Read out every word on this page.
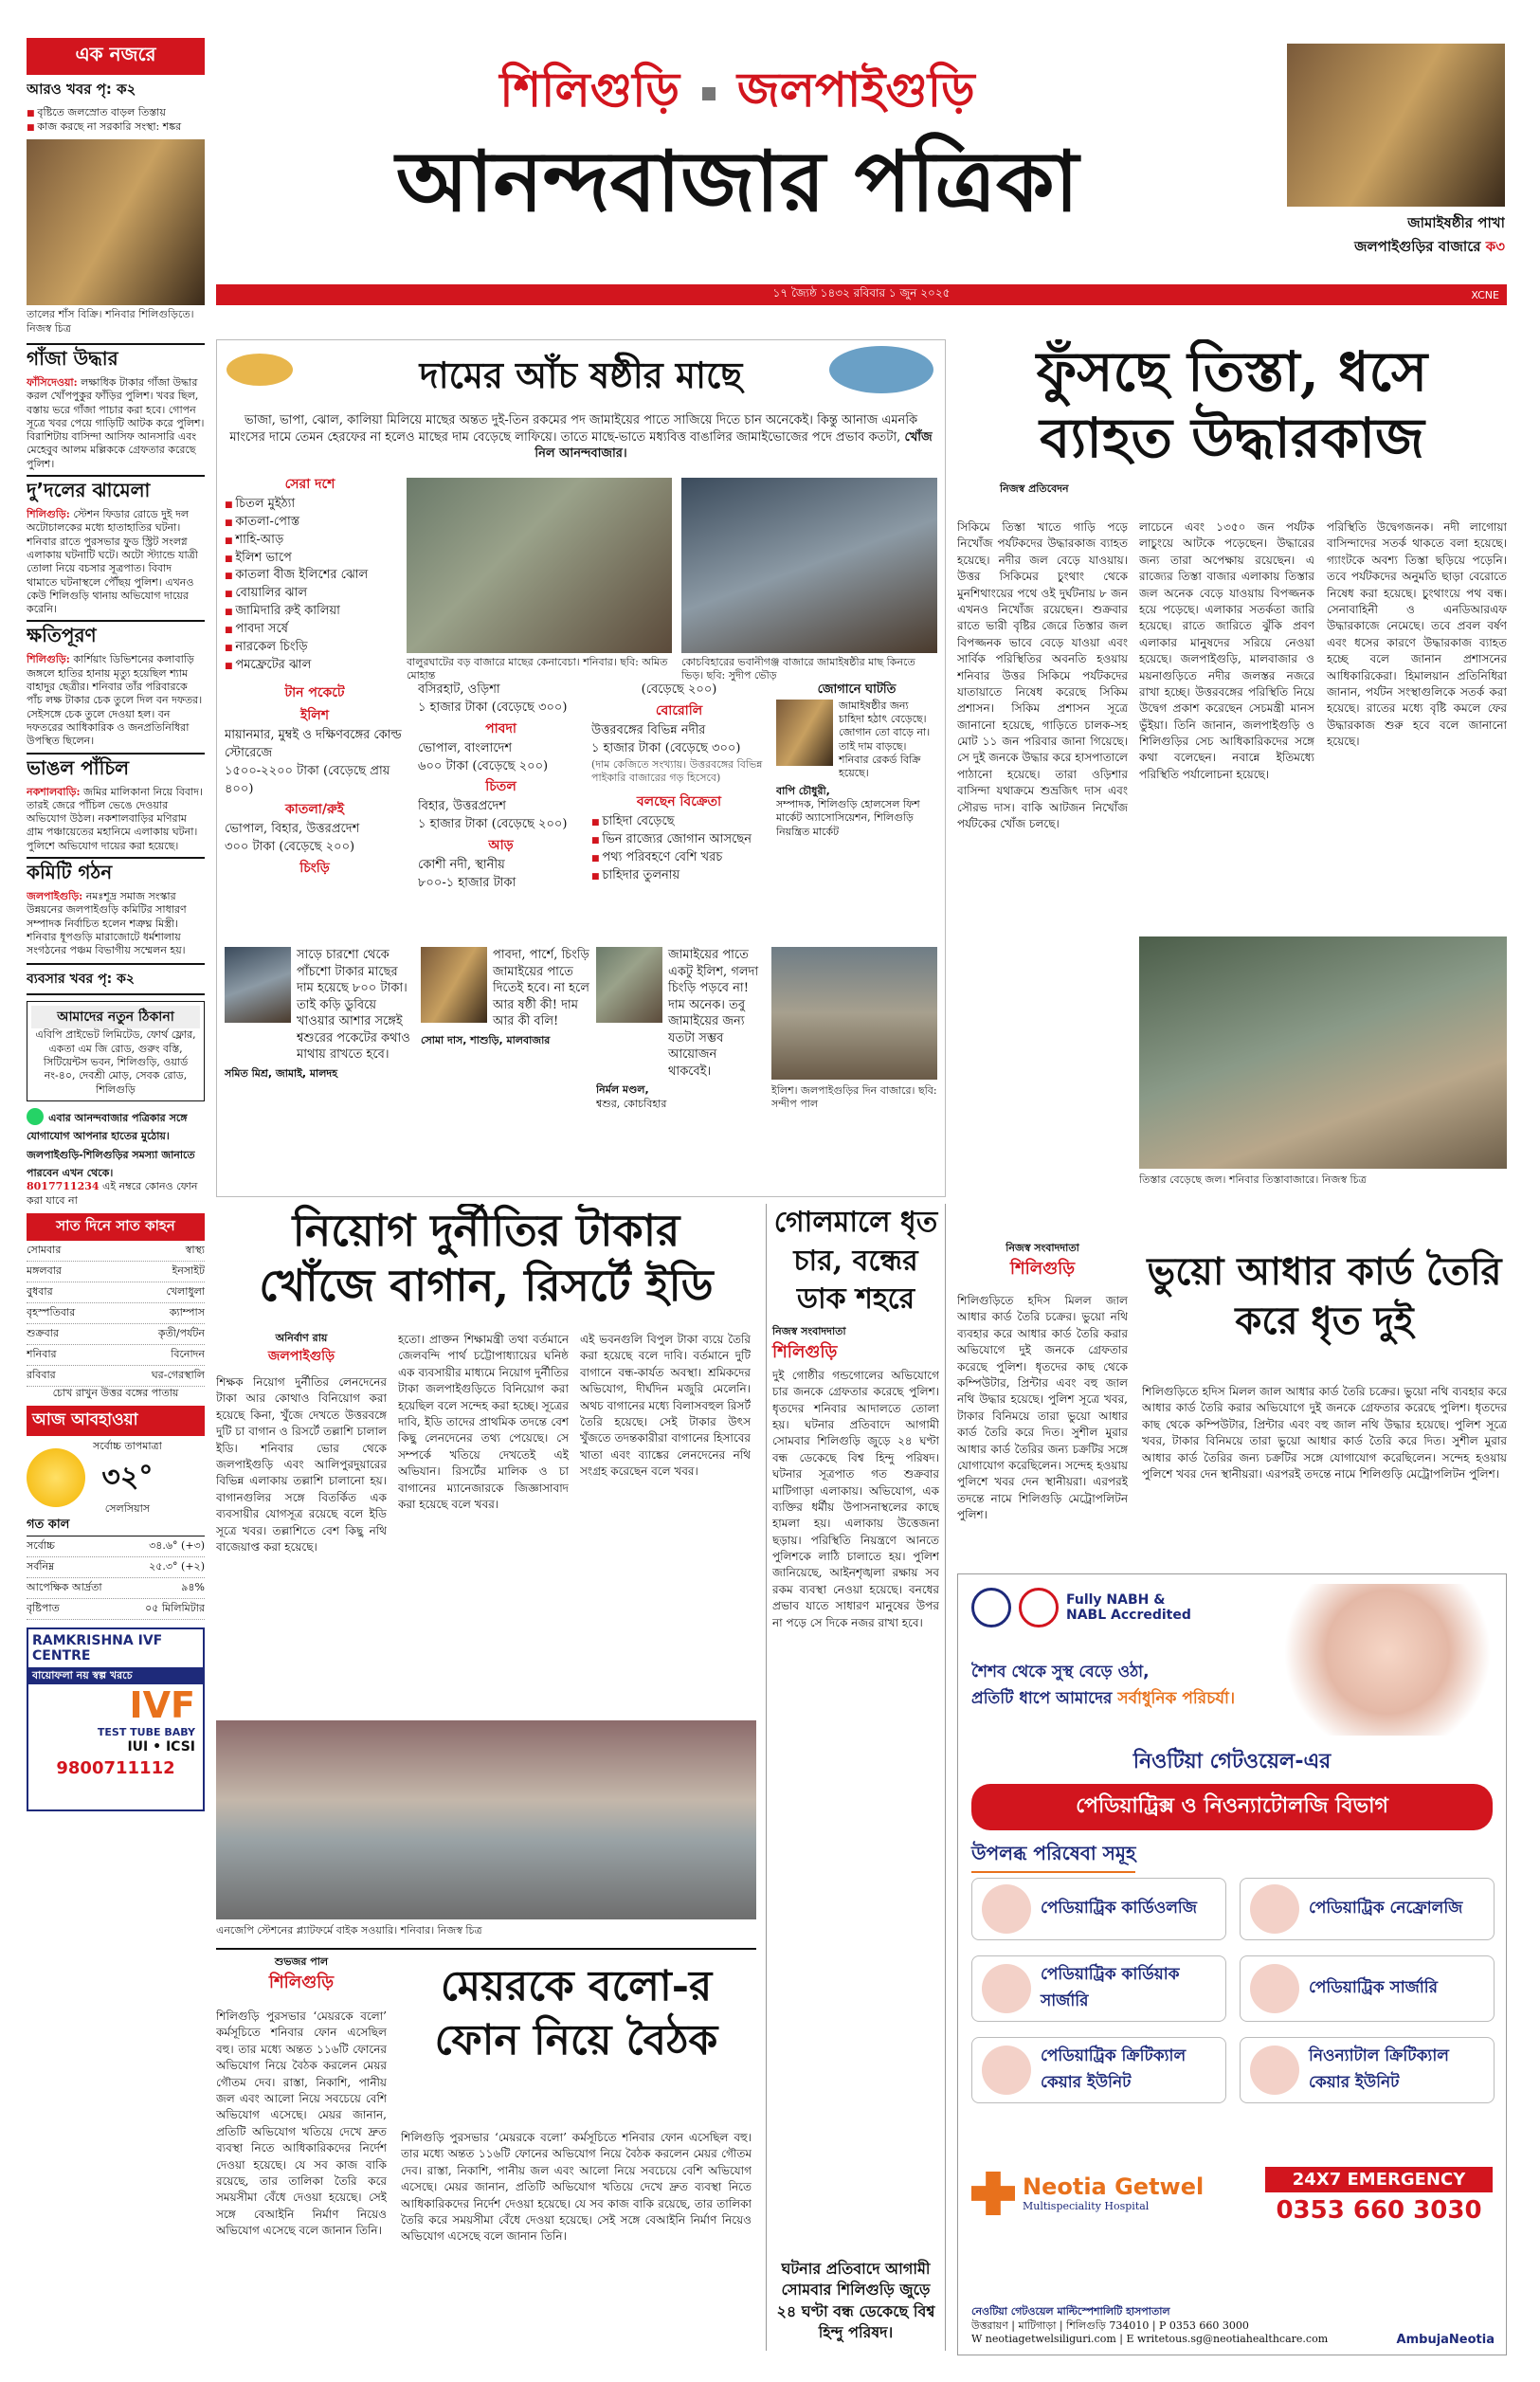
এক নজরে
আরও খবর পৃ: ক২
■ বৃষ্টিতে জলস্রোত বাড়ল তিস্তায়
■ কাজ করছে না সরকারি সংস্থা: শঙ্কর
তালের শাঁস বিক্রি। শনিবার শিলিগুড়িতে। নিজস্ব চিত্র

গাঁজা উদ্ধার

ফাঁসিদেওয়া: লক্ষাধিক টাকার গাঁজা উদ্ধার করল খোঁপপুকুর ফাঁড়ির পুলিশ। খবর ছিল, বস্তায় ভরে গাঁজা পাচার করা হবে। গোপন সূত্রে খবর পেয়ে গাড়িটি আটক করে পুলিশ। বিরাশিটায় বাসিন্দা আসিফ আনসারি এবং মেহেবুব আলম মল্লিককে গ্রেফতার করেছে পুলিশ।

দু’দলের ঝামেলা

শিলিগুড়ি: স্টেশন ফিডার রোডে দুই দল অটোচালকের মধ্যে হাতাহাতির ঘটনা। শনিবার রাতে পুরসভার ফুড স্ট্রিট সংলগ্ন এলাকায় ঘটনাটি ঘটে। অটো স্ট্যান্ডে যাত্রী তোলা নিয়ে বচসার সূত্রপাত। বিবাদ থামাতে ঘটনাস্থলে পৌঁছয় পুলিশ। এখনও কেউ শিলিগুড়ি থানায় অভিযোগ দায়ের করেনি।

ক্ষতিপূরণ

শিলিগুড়ি: কার্শিয়াং ডিভিশনের কলাবাড়ি জঙ্গলে হাতির হানায় মৃত্যু হয়েছিল শ্যাম বাহাদুর ছেত্রীর। শনিবার তাঁর পরিবারকে পাঁচ লক্ষ টাকার চেক তুলে দিল বন দফতর। সেইসঙ্গে চেক তুলে দেওয়া হল। বন দফতরের আধিকারিক ও জনপ্রতিনিধিরা উপস্থিত ছিলেন।

ভাঙল পাঁচিল

নকশালবাড়ি: জমির মালিকানা নিয়ে বিবাদ। তারই জেরে পাঁচিল ভেঙে দেওয়ার অভিযোগ উঠল। নকশালবাড়ির মণিরাম গ্রাম পঞ্চায়েতের মহানিমে এলাকায় ঘটনা। পুলিশে অভিযোগ দায়ের করা হয়েছে।

কমিটি গঠন

জলপাইগুড়ি: নমঃশূদ্র সমাজ সংস্কার উন্নয়নের জলপাইগুড়ি কমিটির সাধারণ সম্পাদক নির্বাচিত হলেন শত্রুঘ্ন মিস্ত্রী। শনিবার ধূপগুড়ি মারাজোটে ধর্মশালায় সংগঠনের পঞ্চম বিভাগীয় সম্মেলন হয়।
ব্যবসার খবর পৃ: ক২
আমাদের নতুন ঠিকানা
এবিপি প্রাইভেট লিমিটেড, ফোর্থ ফ্লোর, একতা এম জি রোড, গুরুং বস্তি, সিটিয়েন্টস ভবন, শিলিগুড়ি, ওয়ার্ড নং-৪০, দেবশ্রী মোড়, সেবক রোড, শিলিগুড়ি
এবার আনন্দবাজার পত্রিকার সঙ্গে যোগাযোগ আপনার হাতের মুঠোয়। জলপাইগুড়ি-শিলিগুড়ির সমস্যা জানাতে পারবেন এখন থেকে।
8017711234 এই নম্বরে কোনও ফোন করা যাবে না
সাত দিনে সাত কাহন
সোমবার	স্বাস্থ্য
মঙ্গলবার	ইনসাইট
বুধবার	খেলাধুলা
বৃহস্পতিবার	ক্যাম্পাস
শুক্রবার	কৃতী/পর্যটন
শনিবার	বিনোদন
রবিবার	ঘর-গেরস্থালি
চোখ রাখুন উত্তর বঙ্গের পাতায়
আজ আবহাওয়া
সর্বোচ্চ তাপমাত্রা
৩২°
সেলসিয়াস
গত কাল
সর্বোচ্চ	৩৪.৬° (+৩)
সর্বনিম্ন	২৫.৩° (+২)
আপেক্ষিক আর্দ্রতা	৯৪%
বৃষ্টিপাত	০৫ মিলিমিটার
RAMKRISHNA IVF CENTRE
বায়োফলা নয় স্বল্প খরচে
IVF
TEST TUBE BABY
IUI • ICSI
9800711112
শিলিগুড়ি জলপাইগুড়ি
আনন্দবাজার পত্রিকা	জামাইষষ্ঠীর পাখা
জলপাইগুড়ির বাজারে ক৩
১৭ জ্যৈষ্ঠ ১৪৩২ রবিবার ১ জুন ২০২৫	XCNE
দামের আঁচ ষষ্ঠীর মাছে
ভাজা, ভাপা, ঝোল, কালিয়া মিলিয়ে মাছের অন্তত দুই-তিন রকমের পদ জামাইয়ের পাতে সাজিয়ে দিতে চান অনেকেই। কিন্তু আনাজ এমনকি মাংসের দামে তেমন হেরফের না হলেও মাছের দাম বেড়েছে লাফিয়ে। তাতে মাছে-ভাতে মধ্যবিত্ত বাঙালির জামাইভোজের পদে প্রভাব কতটা, খোঁজ নিল আনন্দবাজার।
সেরা দশে
■ চিতল মুইঠ্যা
■ কাতলা-পোস্ত
■ শাহি-আড়
■ ইলিশ ভাপে
■ কাতলা বীজ ইলিশের ঝোল
■ বোয়ালির ঝাল
■ জামিদারি রুই কালিয়া
■ পাবদা সর্ষে
■ নারকেল চিংড়ি
■ পমফ্রেটের ঝাল	বালুরঘাটের বড় বাজারে মাছের কেনাবেচা। শনিবার। ছবি: অমিত মোহান্ত
কোচবিহারের ভবানীগঞ্জ বাজারে জামাইষষ্ঠীর মাছ কিনতে ভিড়। ছবি: সুদীপ ভৌড়
টান পকেটে
ইলিশ
মায়ানমার, মুম্বই ও দক্ষিণবঙ্গের কোল্ড স্টোরেজে
১৫০০-২২০০ টাকা (বেড়েছে প্রায় ৪০০)
কাতলা/রুই
ভোপাল, বিহার, উত্তরপ্রদেশ
৩০০ টাকা (বেড়েছে ২০০)
চিংড়ি
বসিরহাট, ওড়িশা
১ হাজার টাকা (বেড়েছে ৩০০)
পাবদা
ভোপাল, বাংলাদেশ
৬০০ টাকা (বেড়েছে ২০০)
চিতল
বিহার, উত্তরপ্রদেশ
১ হাজার টাকা (বেড়েছে ২০০)
আড়
কোশী নদী, স্থানীয়
৮০০-১ হাজার টাকা
(বেড়েছে ২০০)
বোরোলি
উত্তরবঙ্গের বিভিন্ন নদীর
১ হাজার টাকা (বেড়েছে ৩০০)
(দাম কেজিতে সংখ্যায়। উত্তরবঙ্গের বিভিন্ন পাইকারি বাজারের গড় হিসেবে)
বলছেন বিক্রেতা
■ চাহিদা বেড়েছে
■ ভিন রাজ্যের জোগান আসছেন
■ পথ্য পরিবহণে বেশি খরচ
■ চাহিদার তুলনায়
জোগানে ঘাটতি
জামাইষষ্ঠীর জন্য চাহিদা হঠাৎ বেড়েছে। জোগান তো বাড়ে না। তাই দাম বাড়ছে। শনিবার রেকর্ড বিক্রি হয়েছে।
বাপি চৌধুরী,
সম্পাদক, শিলিগুড়ি হোলসেল ফিশ মার্কেট অ্যাসোসিয়েশন, শিলিগুড়ি নিয়ন্ত্রিত মার্কেট
সাড়ে চারশো থেকে পাঁচশো টাকার মাছের দাম হয়েছে ৮০০ টাকা। তাই কড়ি ডুবিয়ে খাওয়ার আশার সঙ্গেই শ্বশুরের পকেটের কথাও মাথায় রাখতে হবে।
সমিত মিশ্র, জামাই, মালদহ
পাবদা, পার্শে, চিংড়ি জামাইয়ের পাতে দিতেই হবে। না হলে আর ষষ্ঠী কী! দাম আর কী বলি!
সোমা দাস, শাশুড়ি, মালবাজার
জামাইয়ের পাতে একটু ইলিশ, গলদা চিংড়ি পড়বে না! দাম অনেক। তবু জামাইয়ের জন্য যতটা সম্ভব আয়োজন থাকবেই।
নির্মল মণ্ডল,
শ্বশুর, কোচবিহার
ইলিশ। জলপাইগুড়ির দিন বাজারে। ছবি: সন্দীপ পাল
ফুঁসছে তিস্তা, ধসে
ব্যাহত উদ্ধারকাজ
নিজস্ব প্রতিবেদন
সিকিমে তিস্তা খাতে গাড়ি পড়ে নিখোঁজ পর্যটকদের উদ্ধারকাজ ব্যাহত হয়েছে। নদীর জল বেড়ে যাওয়ায়। উত্তর সিকিমের চুংথাং থেকে মুনশিথাংয়ের পথে ওই দুর্ঘটনায় ৮ জন এখনও নিখোঁজ রয়েছেন। শুক্রবার রাতে ভারী বৃষ্টির জেরে তিস্তার জল বিপজ্জনক ভাবে বেড়ে যাওয়া এবং সার্বিক পরিস্থিতির অবনতি হওয়ায় শনিবার উত্তর সিকিমে পর্যটকদের যাতায়াতে নিষেধ করেছে সিকিম প্রশাসন। সিকিম প্রশাসন সূত্রে জানানো হয়েছে, গাড়িতে চালক-সহ মোট ১১ জন পরিবার জানা গিয়েছে। সে দুই জনকে উদ্ধার করে হাসপাতালে পাঠানো হয়েছে। তারা ওড়িশার বাসিন্দা যথাক্রমে শুভ্রজিৎ দাস এবং সৌরভ দাস। বাকি আটজন নিখোঁজ পর্যটকের খোঁজ চলছে।
লাচেনে এবং ১৩৫০ জন পর্যটক লাচুংয়ে আটকে পড়েছেন। উদ্ধারের জন্য তারা অপেক্ষায় রয়েছেন। এ রাজ্যের তিস্তা বাজার এলাকায় তিস্তার জল অনেক বেড়ে যাওয়ায় বিপজ্জনক হয়ে পড়েছে। এলাকার সতর্কতা জারি হয়েছে। রাতে জারিতে ঝুঁকি প্রবণ এলাকার মানুষদের সরিয়ে নেওয়া হয়েছে। জলপাইগুড়ি, মালবাজার ও ময়নাগুড়িতে নদীর জলস্তর নজরে রাখা হচ্ছে। উত্তরবঙ্গের পরিস্থিতি নিয়ে উদ্বেগ প্রকাশ করেছেন সেচমন্ত্রী মানস ভুঁইয়া। তিনি জানান, জলপাইগুড়ি ও শিলিগুড়ির সেচ আধিকারিকদের সঙ্গে কথা বলেছেন। নবান্নে ইতিমধ্যে পরিস্থিতি পর্যালোচনা হয়েছে।
পরিস্থিতি উদ্বেগজনক। নদী লাগোয়া বাসিন্দাদের সতর্ক থাকতে বলা হয়েছে। গ্যাংটকে অবশ্য তিস্তা ছড়িয়ে পড়েনি। তবে পর্যটকদের অনুমতি ছাড়া বেরোতে নিষেধ করা হয়েছে। চুংথাংয়ে পথ বন্ধ। সেনাবাহিনী ও এনডিআরএফ উদ্ধারকাজে নেমেছে। তবে প্রবল বর্ষণ এবং ধসের কারণে উদ্ধারকাজ ব্যাহত হচ্ছে বলে জানান প্রশাসনের আধিকারিকেরা। হিমালয়ান প্রতিনিধিরা জানান, পর্যটন সংস্থাগুলিকে সতর্ক করা হয়েছে। রাতের মধ্যে বৃষ্টি কমলে ফের উদ্ধারকাজ শুরু হবে বলে জানানো হয়েছে।
তিস্তার বেড়েছে জল। শনিবার তিস্তাবাজারে। নিজস্ব চিত্র
নিয়োগ দুর্নীতির টাকার
খোঁজে বাগান, রিসর্টে ইডি
অনির্বাণ রায়
জলপাইগুড়ি
শিক্ষক নিয়োগ দুর্নীতির লেনদেনের টাকা আর কোথাও বিনিয়োগ করা হয়েছে কিনা, খুঁজে দেখতে উত্তরবঙ্গে দুটি চা বাগান ও রিসর্টে তল্লাশি চালাল ইডি। শনিবার ভোর থেকে জলপাইগুড়ি এবং আলিপুরদুয়ারের বিভিন্ন এলাকায় তল্লাশি চালানো হয়। বাগানগুলির সঙ্গে বিতর্কিত এক ব্যবসায়ীর যোগসূত্র রয়েছে বলে ইডি সূত্রে খবর। তল্লাশিতে বেশ কিছু নথি বাজেয়াপ্ত করা হয়েছে।
হতো। প্রাক্তন শিক্ষামন্ত্রী তথা বর্তমানে জেলবন্দি পার্থ চট্টোপাধ্যায়ের ঘনিষ্ঠ এক ব্যবসায়ীর মাধ্যমে নিয়োগ দুর্নীতির টাকা জলপাইগুড়িতে বিনিয়োগ করা হয়েছিল বলে সন্দেহ করা হচ্ছে। সূত্রের দাবি, ইডি তাদের প্রাথমিক তদন্তে বেশ কিছু লেনদেনের তথ্য পেয়েছে। সে সম্পর্কে খতিয়ে দেখতেই এই অভিযান। রিসর্টের মালিক ও চা বাগানের ম্যানেজারকে জিজ্ঞাসাবাদ করা হয়েছে বলে খবর।
এই ভবনগুলি বিপুল টাকা ব্যয়ে তৈরি করা হয়েছে বলে দাবি। বর্তমানে দুটি বাগানে বন্ধ-কার্যত অবস্থা। শ্রমিকদের অভিযোগ, দীর্ঘদিন মজুরি মেলেনি। অথচ বাগানের মধ্যে বিলাসবহুল রিসর্ট তৈরি হয়েছে। সেই টাকার উৎস খুঁজতে তদন্তকারীরা বাগানের হিসাবের খাতা এবং ব্যাঙ্কের লেনদেনের নথি সংগ্রহ করেছেন বলে খবর।
এনজেপি স্টেশনের প্ল্যাটফর্মে বাইক সওয়ারি। শনিবার। নিজস্ব চিত্র
শুভজর পাল
শিলিগুড়ি	মেয়রকে বলো-র ফোন নিয়ে বৈঠক
শিলিগুড়ি পুরসভার ‘মেয়রকে বলো’ কর্মসূচিতে শনিবার ফোন এসেছিল বহু। তার মধ্যে অন্তত ১১৬টি ফোনের অভিযোগ নিয়ে বৈঠক করলেন মেয়র গৌতম দেব। রাস্তা, নিকাশি, পানীয় জল এবং আলো নিয়ে সবচেয়ে বেশি অভিযোগ এসেছে। মেয়র জানান, প্রতিটি অভিযোগ খতিয়ে দেখে দ্রুত ব্যবস্থা নিতে আধিকারিকদের নির্দেশ দেওয়া হয়েছে। যে সব কাজ বাকি রয়েছে, তার তালিকা তৈরি করে সময়সীমা বেঁধে দেওয়া হয়েছে। সেই সঙ্গে বেআইনি নির্মাণ নিয়েও অভিযোগ এসেছে বলে জানান তিনি।
শিলিগুড়ি পুরসভার ‘মেয়রকে বলো’ কর্মসূচিতে শনিবার ফোন এসেছিল বহু। তার মধ্যে অন্তত ১১৬টি ফোনের অভিযোগ নিয়ে বৈঠক করলেন মেয়র গৌতম দেব। রাস্তা, নিকাশি, পানীয় জল এবং আলো নিয়ে সবচেয়ে বেশি অভিযোগ এসেছে। মেয়র জানান, প্রতিটি অভিযোগ খতিয়ে দেখে দ্রুত ব্যবস্থা নিতে আধিকারিকদের নির্দেশ দেওয়া হয়েছে। যে সব কাজ বাকি রয়েছে, তার তালিকা তৈরি করে সময়সীমা বেঁধে দেওয়া হয়েছে। সেই সঙ্গে বেআইনি নির্মাণ নিয়েও অভিযোগ এসেছে বলে জানান তিনি।
গোলমালে ধৃত চার, বন্ধের ডাক শহরে
নিজস্ব সংবাদদাতা
শিলিগুড়ি
দুই গোষ্ঠীর গন্ডগোলের অভিযোগে চার জনকে গ্রেফতার করেছে পুলিশ। ধৃতদের শনিবার আদালতে তোলা হয়। ঘটনার প্রতিবাদে আগামী সোমবার শিলিগুড়ি জুড়ে ২৪ ঘণ্টা বন্ধ ডেকেছে বিশ্ব হিন্দু পরিষদ। ঘটনার সূত্রপাত গত শুক্রবার মাটিগাড়া এলাকায়। অভিযোগ, এক ব্যক্তির ধর্মীয় উপাসনাস্থলের কাছে হামলা হয়। এলাকায় উত্তেজনা ছড়ায়। পরিস্থিতি নিয়ন্ত্রণে আনতে পুলিশকে লাঠি চালাতে হয়। পুলিশ জানিয়েছে, আইনশৃঙ্খলা রক্ষায় সব রকম ব্যবস্থা নেওয়া হয়েছে। বনধের প্রভাব যাতে সাধারণ মানুষের উপর না পড়ে সে দিকে নজর রাখা হবে।
ঘটনার প্রতিবাদে আগামী সোমবার শিলিগুড়ি জুড়ে ২৪ ঘণ্টা বন্ধ ডেকেছে বিশ্ব হিন্দু পরিষদ।
নিজস্ব সংবাদদাতা
শিলিগুড়ি	ভুয়ো আধার কার্ড তৈরি করে ধৃত দুই
শিলিগুড়িতে হদিস মিলল জাল আধার কার্ড তৈরি চক্রের। ভুয়ো নথি ব্যবহার করে আধার কার্ড তৈরি করার অভিযোগে দুই জনকে গ্রেফতার করেছে পুলিশ। ধৃতদের কাছ থেকে কম্পিউটার, প্রিন্টার এবং বহু জাল নথি উদ্ধার হয়েছে। পুলিশ সূত্রে খবর, টাকার বিনিময়ে তারা ভুয়ো আধার কার্ড তৈরি করে দিত। সুশীল মুরার আধার কার্ড তৈরির জন্য চক্রটির সঙ্গে যোগাযোগ করেছিলেন। সন্দেহ হওয়ায় পুলিশে খবর দেন স্থানীয়রা। এরপরই তদন্তে নামে শিলিগুড়ি মেট্রোপলিটন পুলিশ।
শিলিগুড়িতে হদিস মিলল জাল আধার কার্ড তৈরি চক্রের। ভুয়ো নথি ব্যবহার করে আধার কার্ড তৈরি করার অভিযোগে দুই জনকে গ্রেফতার করেছে পুলিশ। ধৃতদের কাছ থেকে কম্পিউটার, প্রিন্টার এবং বহু জাল নথি উদ্ধার হয়েছে। পুলিশ সূত্রে খবর, টাকার বিনিময়ে তারা ভুয়ো আধার কার্ড তৈরি করে দিত। সুশীল মুরার আধার কার্ড তৈরির জন্য চক্রটির সঙ্গে যোগাযোগ করেছিলেন। সন্দেহ হওয়ায় পুলিশে খবর দেন স্থানীয়রা। এরপরই তদন্তে নামে শিলিগুড়ি মেট্রোপলিটন পুলিশ।
Fully NABH &
NABL Accredited
শৈশব থেকে সুস্থ বেড়ে ওঠা,
প্রতিটি ধাপে আমাদের সর্বাধুনিক পরিচর্যা।
নিওটিয়া গেটওয়েল-এর
পেডিয়াট্রিক্স ও নিওন্যাটোলজি বিভাগ
উপলব্ধ পরিষেবা সমূহ
পেডিয়াট্রিক কার্ডিওলজি	পেডিয়াট্রিক নেফ্রোলজি
পেডিয়াট্রিক কার্ডিয়াক সার্জারি
পেডিয়াট্রিক সার্জারি
পেডিয়াট্রিক ক্রিটিক্যাল কেয়ার ইউনিট
নিওন্যাটাল ক্রিটিক্যাল কেয়ার ইউনিট
Neotia Getwel
Multispeciality Hospital
24X7 EMERGENCY
0353 660 3030
নেওটিয়া গেটওয়েল মাল্টিস্পেশালিটি হাসপাতাল
উত্তরায়ণ | মাটিগাড়া | শিলিগুড়ি 734010 | P 0353 660 3000
W neotiagetwelsiliguri.com | E writetous.sg@neotiahealthcare.com	AmbujaNeotia
